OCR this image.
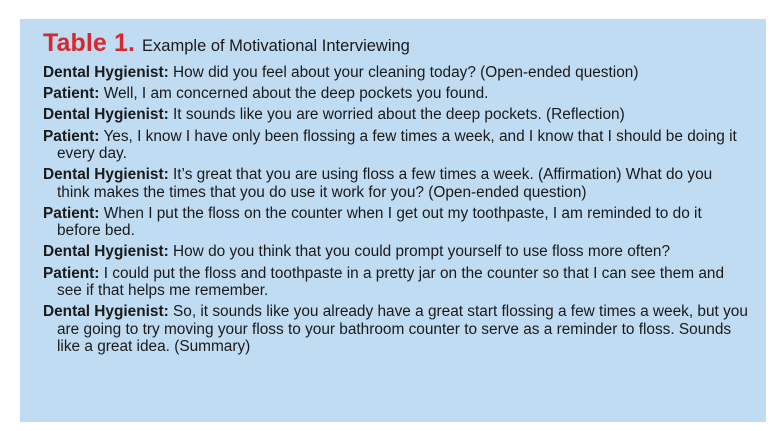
Table 1. Example of Motivational Interviewing
Dental Hygienist: How did you feel about your cleaning today? (Open-ended question)
Patient: Well, I am concerned about the deep pockets you found.
Dental Hygienist: It sounds like you are worried about the deep pockets. (Reflection)
Patient: Yes, I know I have only been flossing a few times a week, and I know that I should be doing it every day.
Dental Hygienist: It’s great that you are using floss a few times a week. (Affirmation) What do you think makes the times that you do use it work for you? (Open-ended question)
Patient: When I put the floss on the counter when I get out my toothpaste, I am reminded to do it before bed.
Dental Hygienist: How do you think that you could prompt yourself to use floss more often?
Patient: I could put the floss and toothpaste in a pretty jar on the counter so that I can see them and see if that helps me remember.
Dental Hygienist: So, it sounds like you already have a great start flossing a few times a week, but you are going to try moving your floss to your bathroom counter to serve as a reminder to floss. Sounds like a great idea. (Summary)
